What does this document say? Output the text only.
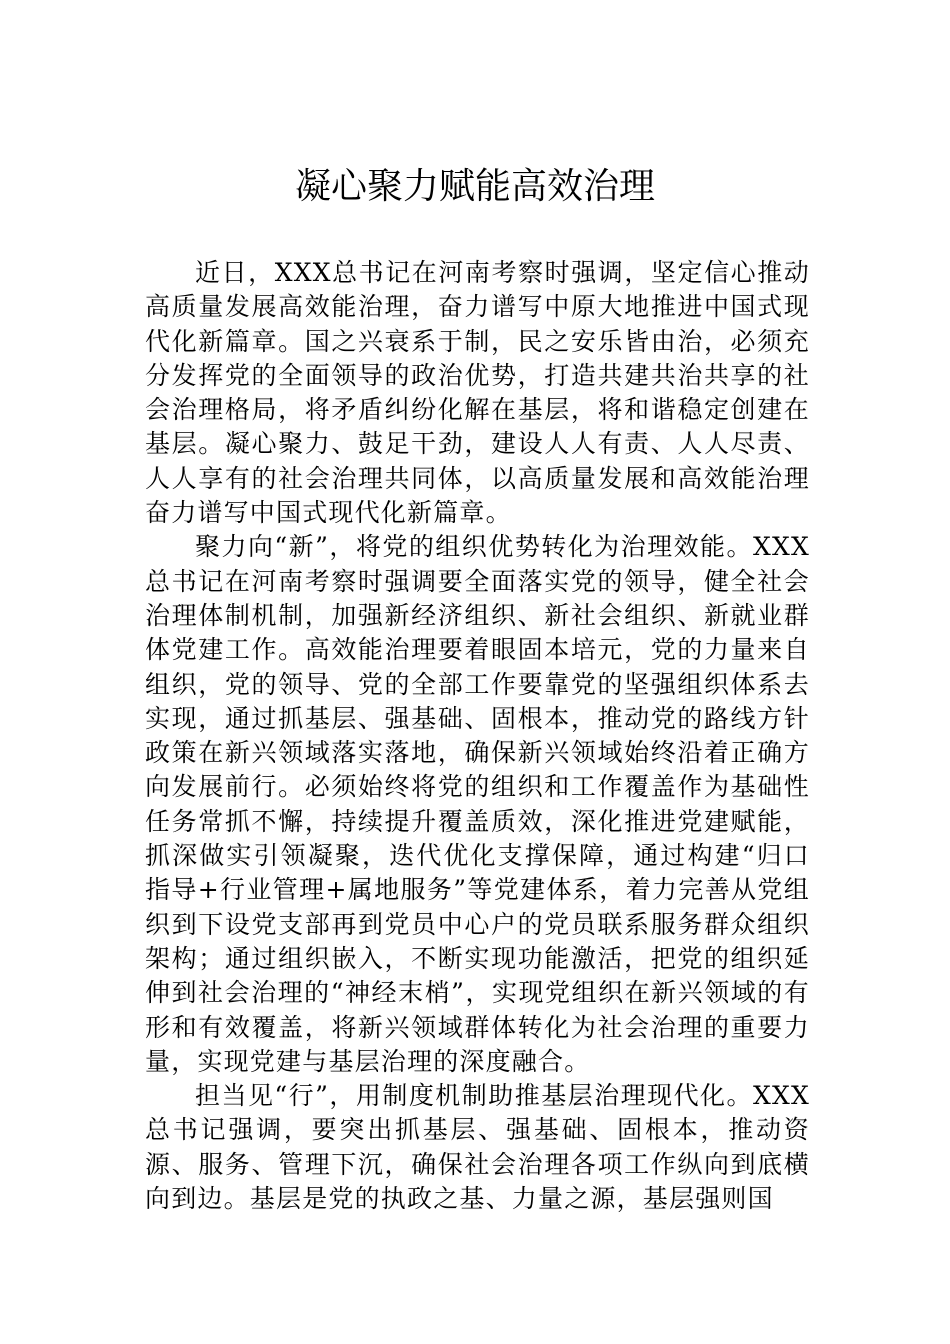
凝心聚力赋能高效治理

近日，XXX总书记在河南考察时强调，坚定信心推动高质量发展高效能治理，奋力谱写中原大地推进中国式现代化新篇章。国之兴衰系于制，民之安乐皆由治，必须充分发挥党的全面领导的政治优势，打造共建共治共享的社会治理格局，将矛盾纠纷化解在基层，将和谐稳定创建在基层。凝心聚力、鼓足干劲，建设人人有责、人人尽责、人人享有的社会治理共同体，以高质量发展和高效能治理奋力谱写中国式现代化新篇章。

聚力向“新”，将党的组织优势转化为治理效能。XXX总书记在河南考察时强调要全面落实党的领导，健全社会治理体制机制，加强新经济组织、新社会组织、新就业群体党建工作。高效能治理要着眼固本培元，党的力量来自组织，党的领导、党的全部工作要靠党的坚强组织体系去实现，通过抓基层、强基础、固根本，推动党的路线方针政策在新兴领域落实落地，确保新兴领域始终沿着正确方向发展前行。必须始终将党的组织和工作覆盖作为基础性任务常抓不懈，持续提升覆盖质效，深化推进党建赋能，抓深做实引领凝聚，迭代优化支撑保障，通过构建“归口指导+行业管理+属地服务”等党建体系，着力完善从党组织到下设党支部再到党员中心户的党员联系服务群众组织架构；通过组织嵌入，不断实现功能激活，把党的组织延伸到社会治理的“神经末梢”，实现党组织在新兴领域的有形和有效覆盖，将新兴领域群体转化为社会治理的重要力量，实现党建与基层治理的深度融合。

担当见“行”，用制度机制助推基层治理现代化。XXX总书记强调，要突出抓基层、强基础、固根本，推动资源、服务、管理下沉，确保社会治理各项工作纵向到底横向到边。基层是党的执政之基、力量之源，基层强则国
